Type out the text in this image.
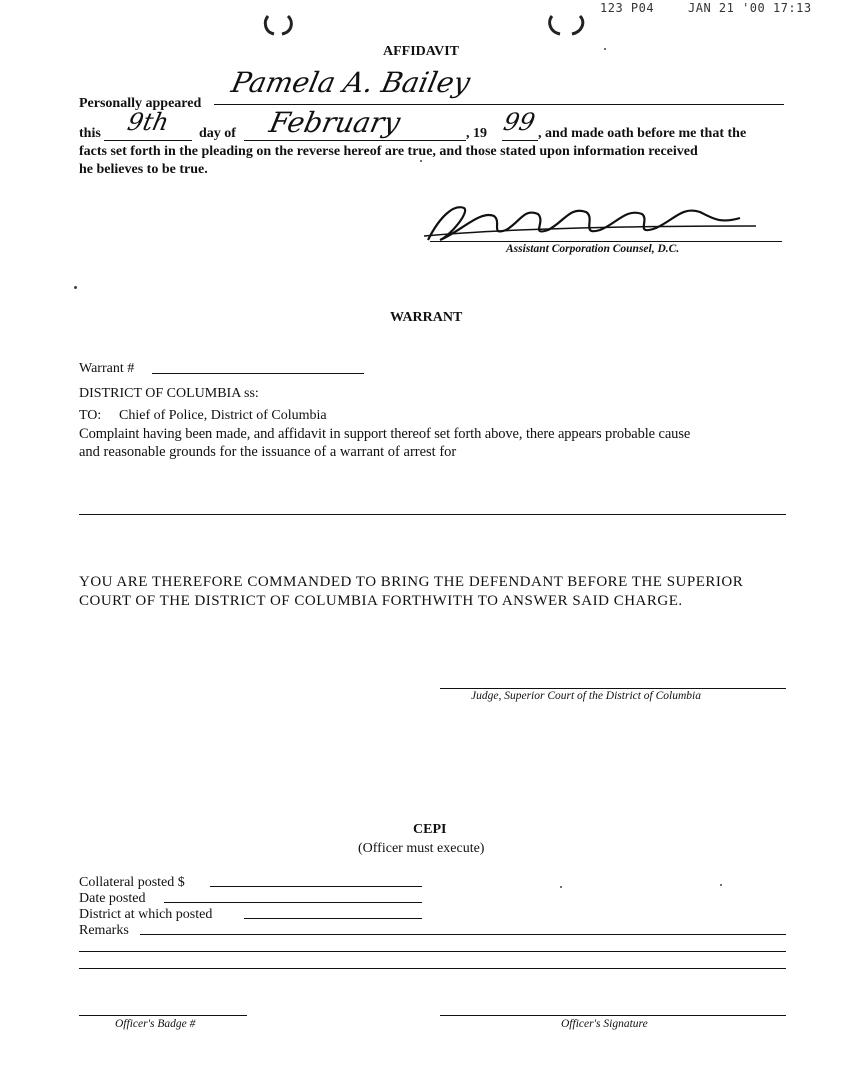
123 P04	JAN 21 '00 17:13
AFFIDAVIT
Personally appeared
Pamela A. Bailey
this 9th day of February	, 19 99 , and made oath before me that the
facts set forth in the pleading on the reverse hereof are true, and those stated upon information received
he believes to be true.
Assistant Corporation Counsel, D.C.
WARRANT
Warrant #
DISTRICT OF COLUMBIA ss:
TO: Chief of Police, District of Columbia
Complaint having been made, and affidavit in support thereof set forth above, there appears probable cause
and reasonable grounds for the issuance of a warrant of arrest for
YOU ARE THEREFORE COMMANDED TO BRING THE DEFENDANT BEFORE THE SUPERIOR
COURT OF THE DISTRICT OF COLUMBIA FORTHWITH TO ANSWER SAID CHARGE.
Judge, Superior Court of the District of Columbia
CEPI
(Officer must execute)
Collateral posted $
Date posted
District at which posted
Remarks
Officer's Badge #	Officer's Signature
